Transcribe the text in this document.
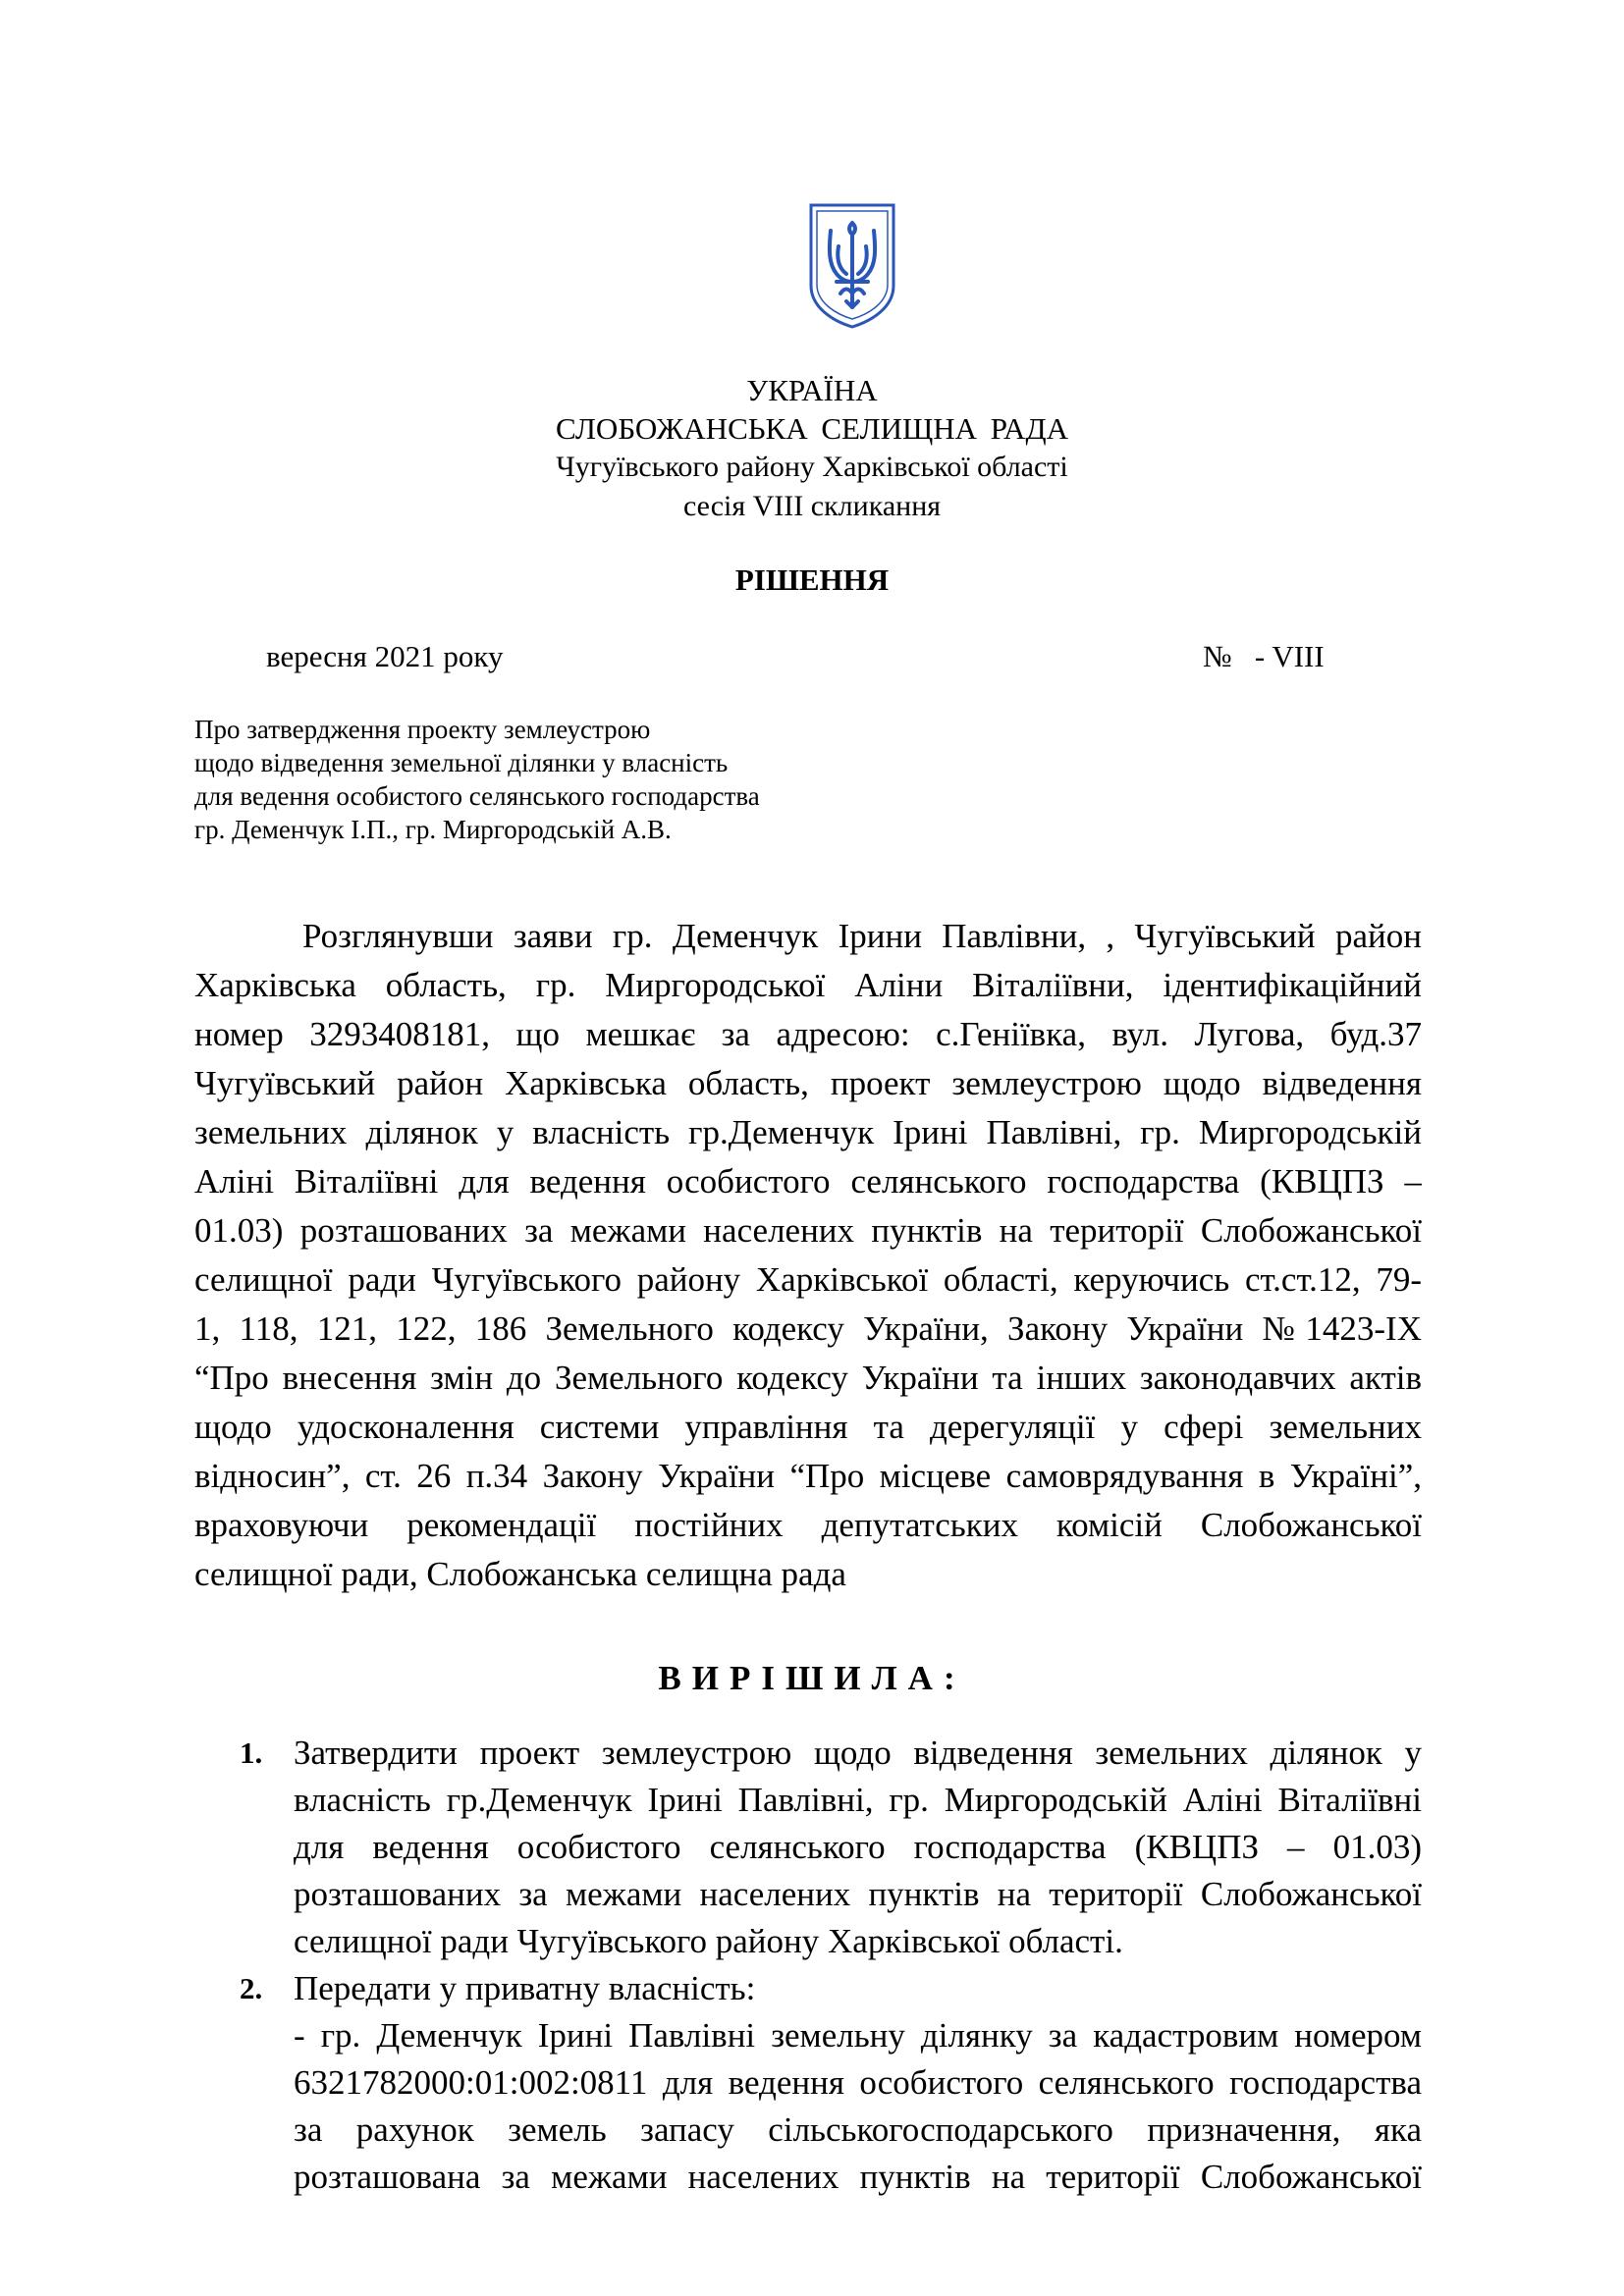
УКРАЇНА
СЛОБОЖАНСЬКА СЕЛИЩНА РАДА
Чугуївського району Харківської області
сесія VIII скликання
РІШЕННЯ
вересня 2021 року	№   - VIII
Про затвердження проекту землеустрою
щодо відведення земельної ділянки у власність
для ведення особистого селянського господарства
гр. Деменчук І.П., гр. Миргородській А.В.
Розглянувши заяви гр. Деменчук Ірини Павлівни, , Чугуївський район
Харківська область, гр. Миргородської Аліни Віталіївни, ідентифікаційний
номер 3293408181, що мешкає за адресою: с.Геніївка, вул. Лугова, буд.37
Чугуївський район Харківська область, проект землеустрою щодо відведення
земельних ділянок у власність гр.Деменчук Ірині Павлівні, гр. Миргородській
Аліні Віталіївні для ведення особистого селянського господарства (КВЦПЗ –
01.03) розташованих за межами населених пунктів на території Слобожанської
селищної ради Чугуївського району Харківської області, керуючись ст.ст.12, 79-
1, 118, 121, 122, 186 Земельного кодексу України, Закону України №1423-IX
“Про внесення змін до Земельного кодексу України та інших законодавчих актів
щодо удосконалення системи управління та дерегуляції у сфері земельних
відносин”, ст. 26 п.34 Закону України “Про місцеве самоврядування в Україні”,
враховуючи рекомендації постійних депутатських комісій Слобожанської
селищної ради, Слобожанська селищна рада
ВИРІШИЛА:
1. Затвердити проект землеустрою щодо відведення земельних ділянок у
власність гр.Деменчук Ірині Павлівні, гр. Миргородській Аліні Віталіївні
для ведення особистого селянського господарства (КВЦПЗ – 01.03)
розташованих за межами населених пунктів на території Слобожанської
селищної ради Чугуївського району Харківської області.
2. Передати у приватну власність:
- гр. Деменчук Ірині Павлівні земельну ділянку за кадастровим номером
6321782000:01:002:0811 для ведення особистого селянського господарства
за рахунок земель запасу сільськогосподарського призначення, яка
розташована за межами населених пунктів на території Слобожанської
